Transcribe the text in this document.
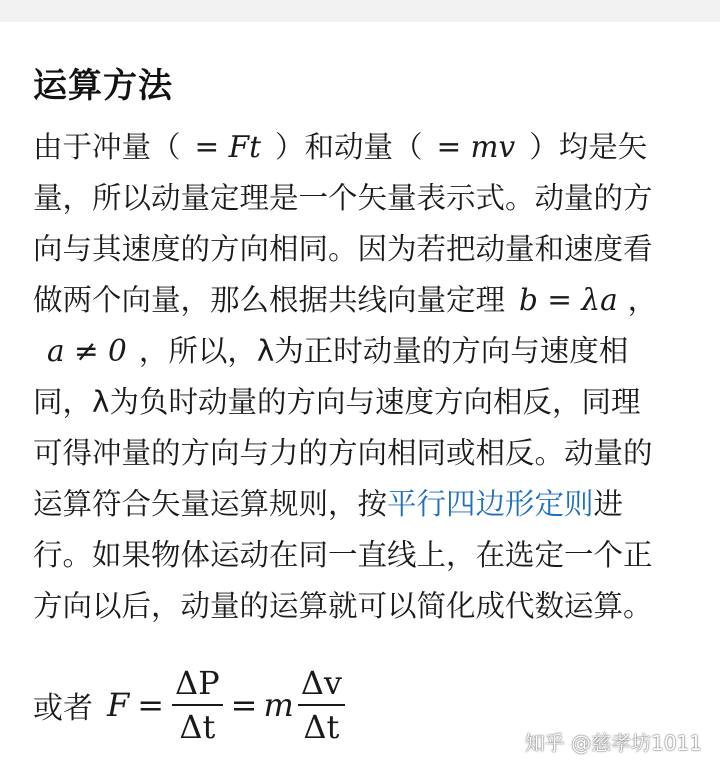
运算方法
由于冲量（ = Ft ）和动量（ = mv ）均是矢
量，所以动量定理是一个矢量表示式。动量的方
向与其速度的方向相同。因为若把动量和速度看
做两个向量，那么根据共线向量定理 b = λa ，
a ≠ 0 ，所以，λ为正时动量的方向与速度相
同，λ为负时动量的方向与速度方向相反，同理
可得冲量的方向与力的方向相同或相反。动量的
运算符合矢量运算规则，按平行四边形定则进
行。如果物体运动在同一直线上，在选定一个正
方向以后，动量的运算就可以简化成代数运算。
或者 $F = \frac{\Delta P}{\Delta t} = m \frac{\Delta v}{\Delta t}$	知乎 @慈孝坊1011
